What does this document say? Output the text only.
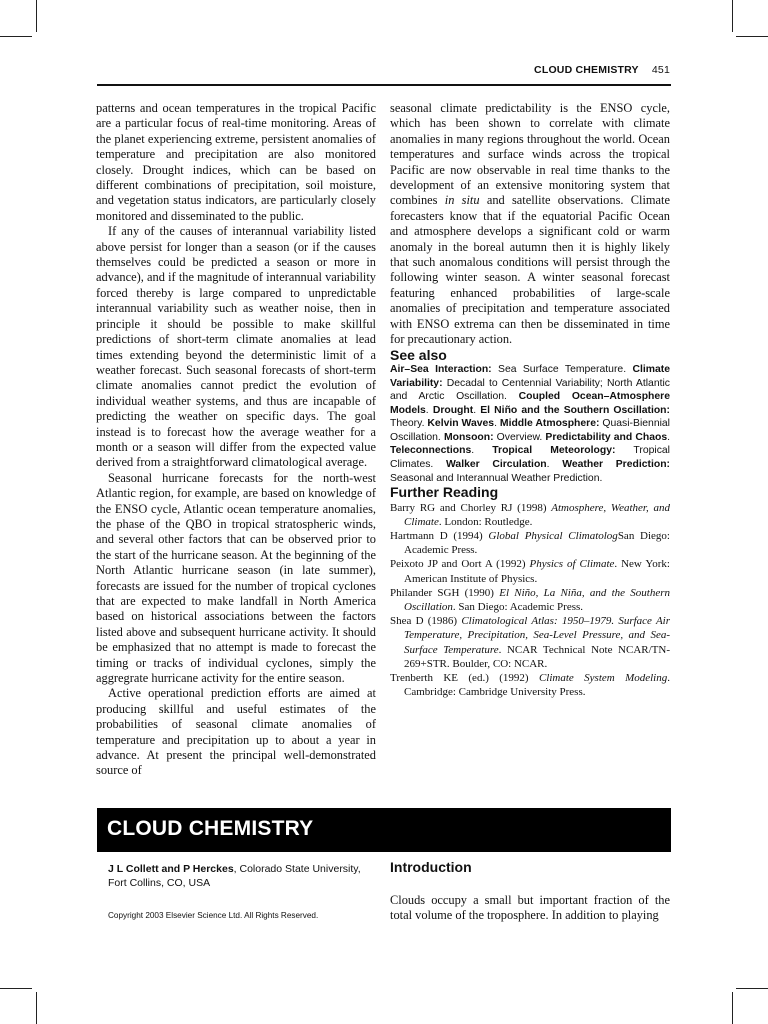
CLOUD CHEMISTRY 451

patterns and ocean temperatures in the tropical Pacific are a particular focus of real-time monitoring. Areas of the planet experiencing extreme, persistent anomalies of temperature and precipitation are also monitored closely. Drought indices, which can be based on different combinations of precipitation, soil moisture, and vegetation status indicators, are particularly closely monitored and disseminated to the public.

If any of the causes of interannual variability listed above persist for longer than a season (or if the causes themselves could be predicted a season or more in advance), and if the magnitude of interannual variability forced thereby is large compared to unpredictable interannual variability such as weather noise, then in principle it should be possible to make skillful predictions of short-term climate anomalies at lead times extending beyond the deterministic limit of a weather forecast. Such seasonal forecasts of short-term climate anomalies cannot predict the evolution of individual weather systems, and thus are incapable of predicting the weather on specific days. The goal instead is to forecast how the average weather for a month or a season will differ from the expected value derived from a straightforward climatological average.

Seasonal hurricane forecasts for the north-west Atlantic region, for example, are based on knowledge of the ENSO cycle, Atlantic ocean temperature anomalies, the phase of the QBO in tropical stratospheric winds, and several other factors that can be observed prior to the start of the hurricane season. At the beginning of the North Atlantic hurricane season (in late summer), forecasts are issued for the number of tropical cyclones that are expected to make landfall in North America based on historical associations between the factors listed above and subsequent hurricane activity. It should be emphasized that no attempt is made to forecast the timing or tracks of individual cyclones, simply the aggregrate hurricane activity for the entire season.

Active operational prediction efforts are aimed at producing skillful and useful estimates of the probabilities of seasonal climate anomalies of temperature and precipitation up to about a year in advance. At present the principal well-demonstrated source of

seasonal climate predictability is the ENSO cycle, which has been shown to correlate with climate anomalies in many regions throughout the world. Ocean temperatures and surface winds across the tropical Pacific are now observable in real time thanks to the development of an extensive monitoring system that combines in situ and satellite observations. Climate forecasters know that if the equatorial Pacific Ocean and atmosphere develops a significant cold or warm anomaly in the boreal autumn then it is highly likely that such anomalous conditions will persist through the following winter season. A winter seasonal forecast featuring enhanced probabilities of large-scale anomalies of precipitation and temperature associated with ENSO extrema can then be disseminated in time for precautionary action.

See also
Air–Sea Interaction: Sea Surface Temperature. Climate Variability: Decadal to Centennial Variability; North Atlantic and Arctic Oscillation. Coupled Ocean–Atmosphere Models. Drought. El Niño and the Southern Oscillation: Theory. Kelvin Waves. Middle Atmosphere: Quasi-Biennial Oscillation. Monsoon: Overview. Predictability and Chaos. Teleconnections. Tropical Meteorology: Tropical Climates. Walker Circulation. Weather Prediction: Seasonal and Interannual Weather Prediction.
Further Reading

Barry RG and Chorley RJ (1998) Atmosphere, Weather, and Climate. London: Routledge.

Hartmann D (1994) Global Physical ClimatologSan Diego: Academic Press.

Peixoto JP and Oort A (1992) Physics of Climate. New York: American Institute of Physics.

Philander SGH (1990) El Niño, La Niña, and the Southern Oscillation. San Diego: Academic Press.

Shea D (1986) Climatological Atlas: 1950–1979. Surface Air Temperature, Precipitation, Sea-Level Pressure, and Sea-Surface Temperature. NCAR Technical Note NCAR/TN-269+STR. Boulder, CO: NCAR.

Trenberth KE (ed.) (1992) Climate System Modeling. Cambridge: Cambridge University Press.

CLOUD CHEMISTRY
J L Collett and P Herckes, Colorado State University, Fort Collins, CO, USA
Copyright 2003 Elsevier Science Ltd. All Rights Reserved.
Introduction

Clouds occupy a small but important fraction of the total volume of the troposphere. In addition to playing
